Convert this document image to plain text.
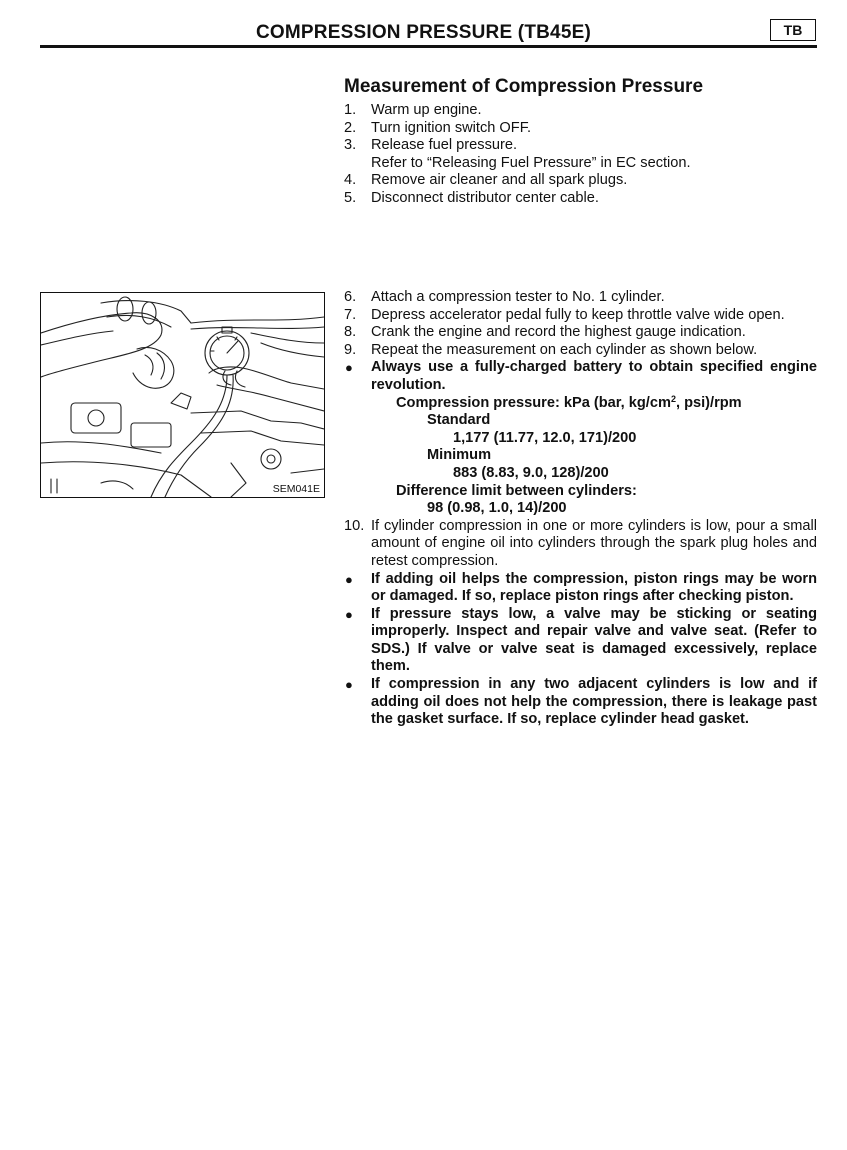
COMPRESSION PRESSURE (TB45E)	TB
Measurement of Compression Pressure
1. Warm up engine.
2. Turn ignition switch OFF.
3. Release fuel pressure.
Refer to “Releasing Fuel Pressure” in EC section.
4. Remove air cleaner and all spark plugs.
5. Disconnect distributor center cable.
SEM041E
6. Attach a compression tester to No. 1 cylinder.
7. Depress accelerator pedal fully to keep throttle valve wide open.
8. Crank the engine and record the highest gauge indication.
9. Repeat the measurement on each cylinder as shown below.
● Always use a fully-charged battery to obtain specified engine revolution.
Compression pressure: kPa (bar, $kg/cm^2$, psi)/rpm
Standard
1,177 (11.77, 12.0, 171)/200
Minimum
883 (8.83, 9.0, 128)/200
Difference limit between cylinders:
98 (0.98, 1.0, 14)/200
10. If cylinder compression in one or more cylinders is low, pour a small amount of engine oil into cylinders through the spark plug holes and retest compression.
● If adding oil helps the compression, piston rings may be worn or damaged. If so, replace piston rings after checking piston.
● If pressure stays low, a valve may be sticking or seating improperly. Inspect and repair valve and valve seat. (Refer to SDS.) If valve or valve seat is damaged excessively, replace them.
● If compression in any two adjacent cylinders is low and if adding oil does not help the compression, there is leakage past the gasket surface. If so, replace cylinder head gasket.
